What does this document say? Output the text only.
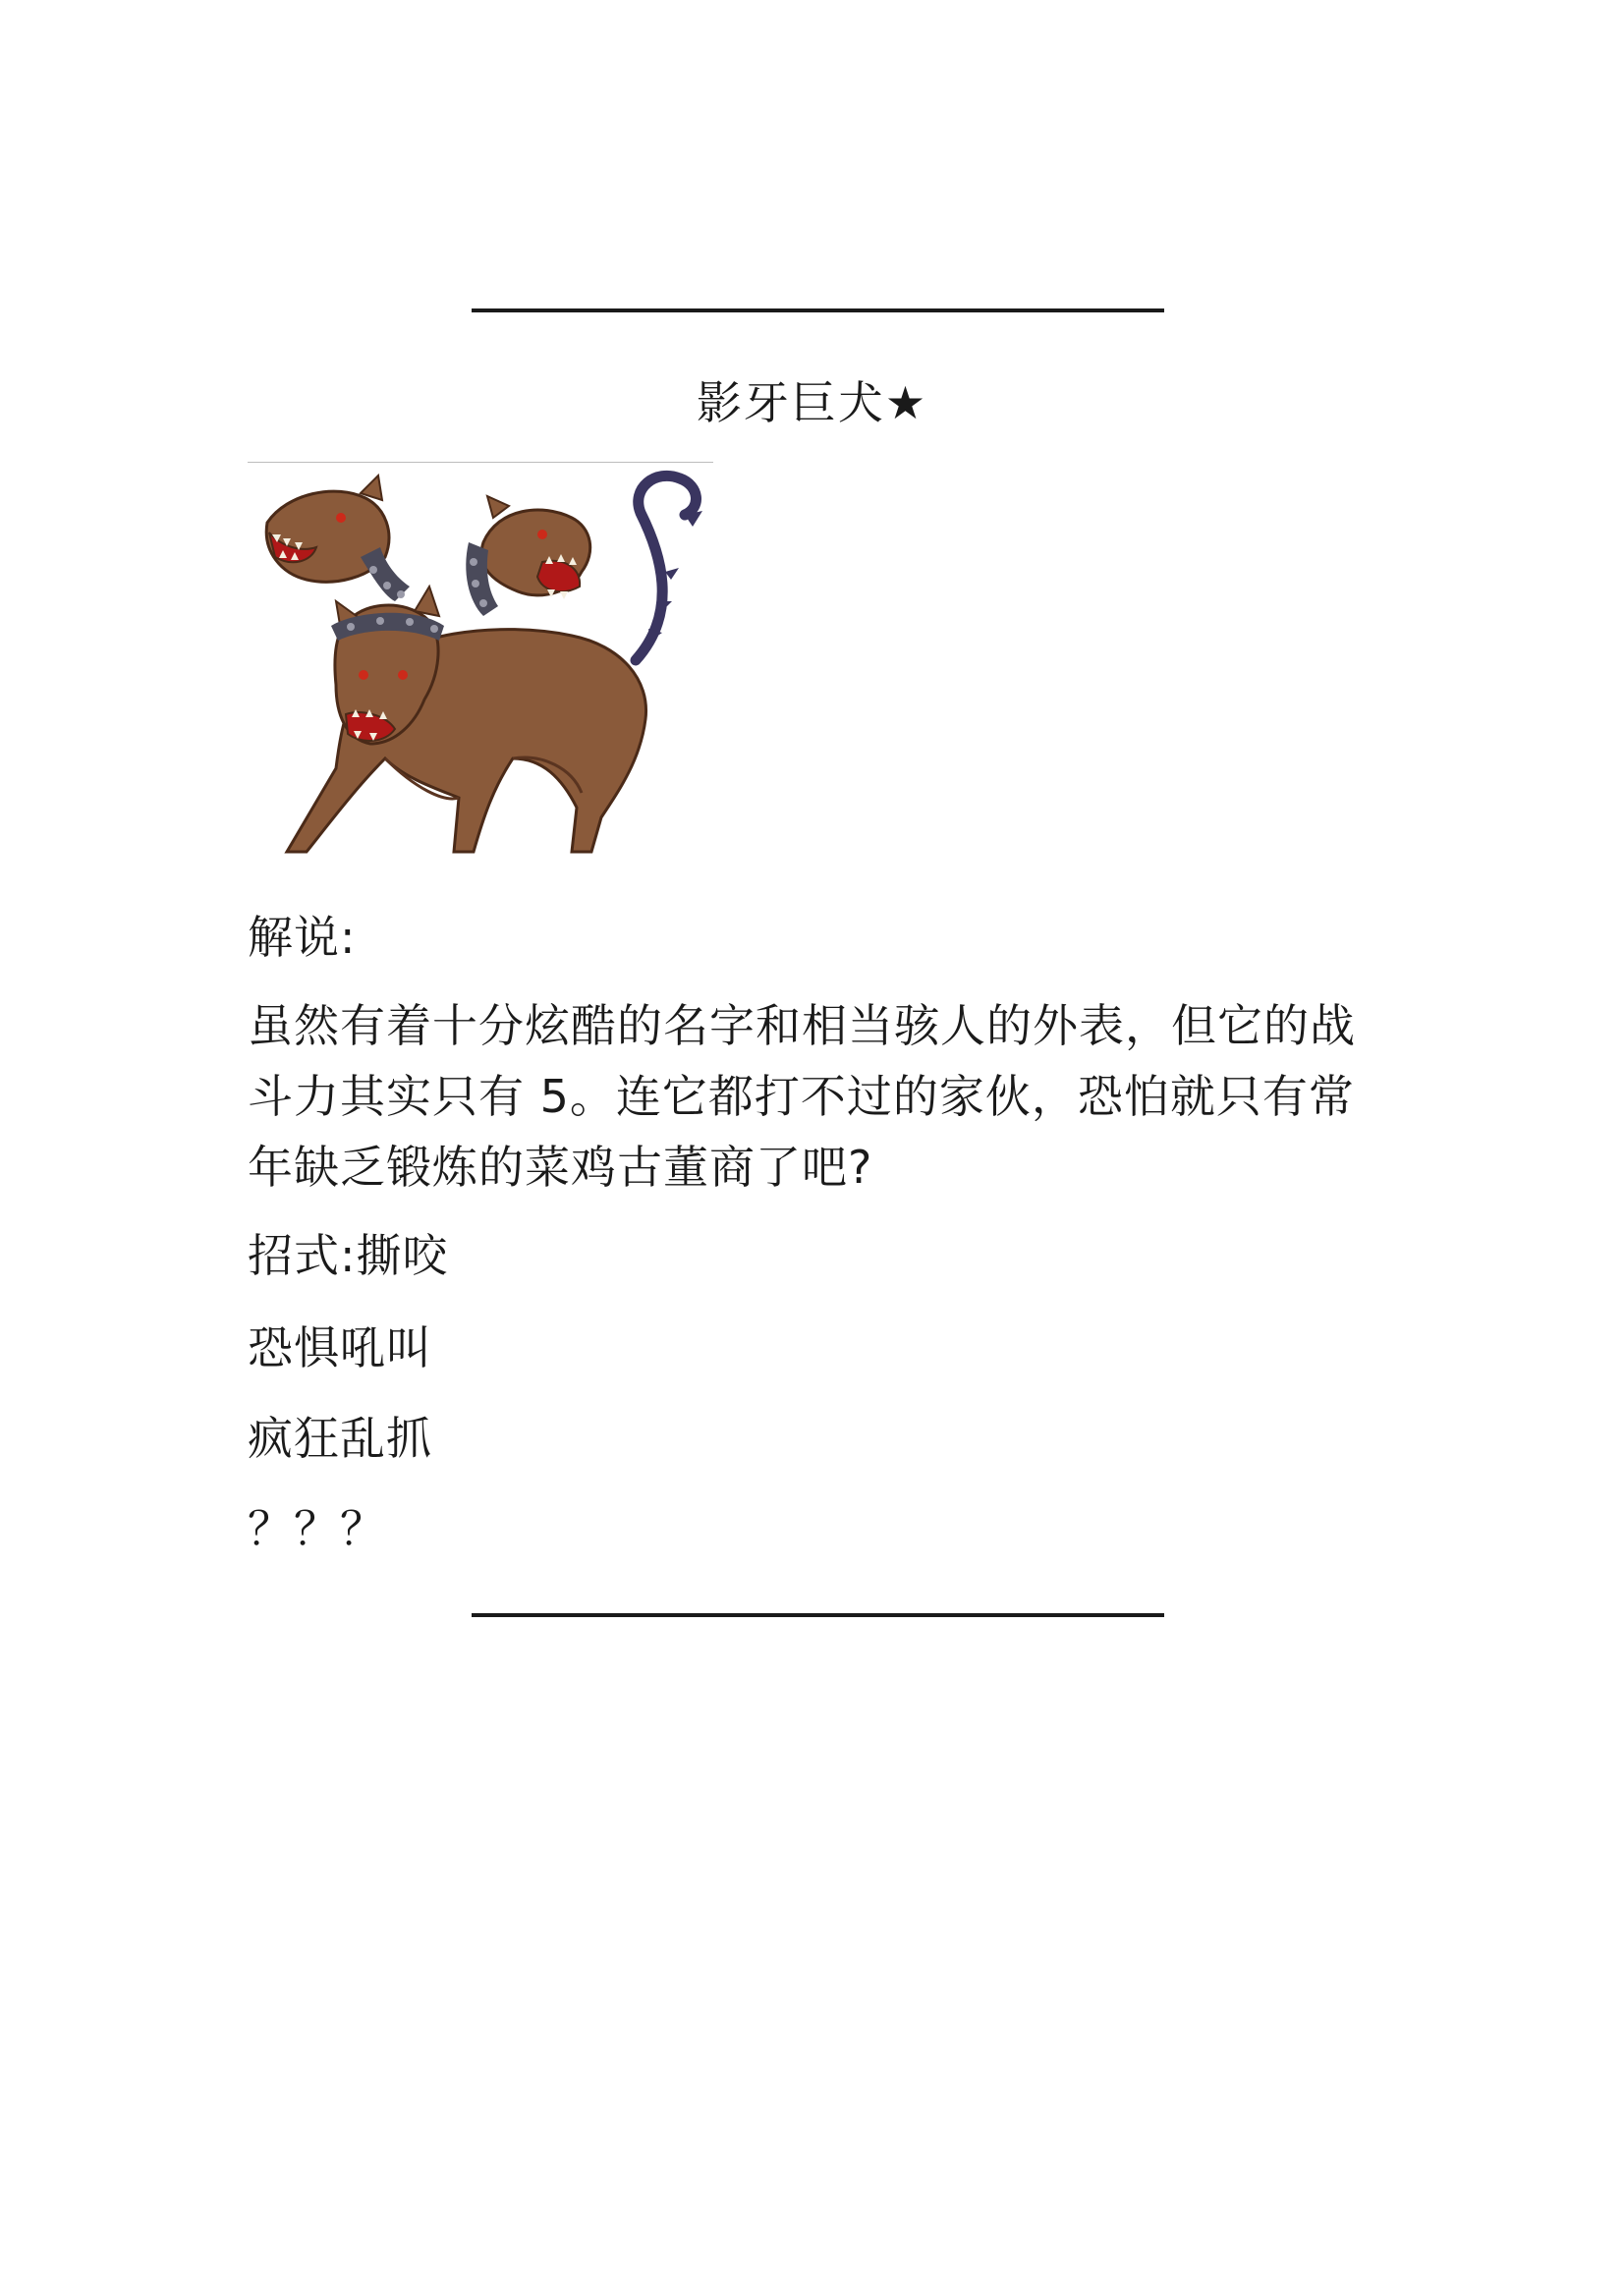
影牙巨犬★
解说:
虽然有着十分炫酷的名字和相当骇人的外表，但它的战斗力其实只有 5。连它都打不过的家伙，恐怕就只有常年缺乏锻炼的菜鸡古董商了吧?
招式:撕咬
恐惧吼叫
疯狂乱抓
？？？
